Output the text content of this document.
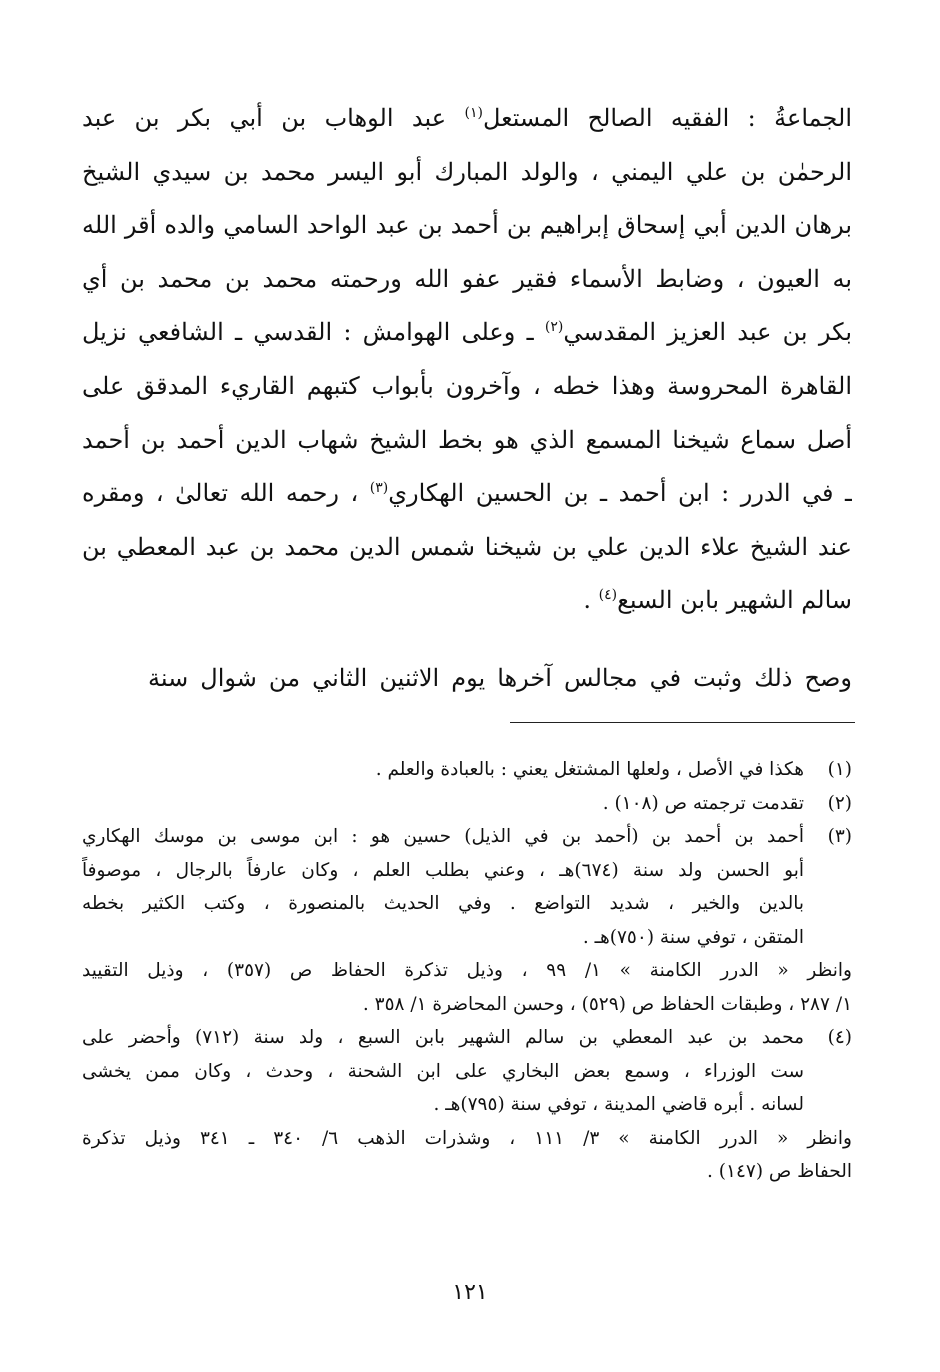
الجماعةُ : الفقيه الصالح المستعل$^{(١)}$ عبد الوهاب بن أبي بكر بن عبد
الرحمٰن بن علي اليمني ، والولد المبارك أبو اليسر محمد بن سيدي الشيخ
برهان الدين أبي إسحاق إبراهيم بن أحمد بن عبد الواحد السامي والده أقر الله
به العيون ، وضابط الأسماء فقير عفو الله ورحمته محمد بن محمد بن أي
بكر بن عبد العزيز المقدسي$^{(٢)}$ ـ وعلى الهوامش : القدسي ـ الشافعي نزيل
القاهرة المحروسة وهذا خطه ، وآخرون بأبواب كتبهم القاريء المدقق على
أصل سماع شيخنا المسمع الذي هو بخط الشيخ شهاب الدين أحمد بن أحمد
ـ في الدرر : ابن أحمد ـ بن الحسين الهكاري$^{(٣)}$ ، رحمه الله تعالىٰ ، ومقره
عند الشيخ علاء الدين علي بن شيخنا شمس الدين محمد بن عبد المعطي بن
سالم الشهير بابن السبع$^{(٤)}$ .
وصح ذلك وثبت في مجالس آخرها يوم الاثنين الثاني من شوال سنة
(١)
هكذا في الأصل ، ولعلها المشتغل يعني : بالعبادة والعلم .
(٢)
تقدمت ترجمته ص (١٠٨) .
(٣)
أحمد بن أحمد بن (أحمد بن في الذيل) حسين هو : ابن موسى بن موسك الهكاري
أبو الحسن ولد سنة (٦٧٤)هـ ، وعني بطلب العلم ، وكان عارفاً بالرجال ، موصوفاً
بالدين والخير ، شديد التواضع . وفي الحديث بالمنصورة ، وكتب الكثير بخطه
المتقن ، توفي سنة (٧٥٠)هـ .
وانظر « الدرر الكامنة » ١/ ٩٩ ، وذيل تذكرة الحفاظ ص (٣٥٧) ، وذيل التقييد
١/ ٢٨٧ ، وطبقات الحفاظ ص (٥٢٩) ، وحسن المحاضرة ١/ ٣٥٨ .
(٤)
محمد بن عبد المعطي بن سالم الشهير بابن السبع ، ولد سنة (٧١٢) وأحضر على
ست الوزراء ، وسمع بعض البخاري على ابن الشحنة ، وحدث ، وكان ممن يخشى
لسانه . أبره قاضي المدينة ، توفي سنة (٧٩٥)هـ .
وانظر « الدرر الكامنة » ٣/ ١١١ ، وشذرات الذهب ٦/ ٣٤٠ ـ ٣٤١ وذيل تذكرة
الحفاظ ص (١٤٧) .
١٢١
